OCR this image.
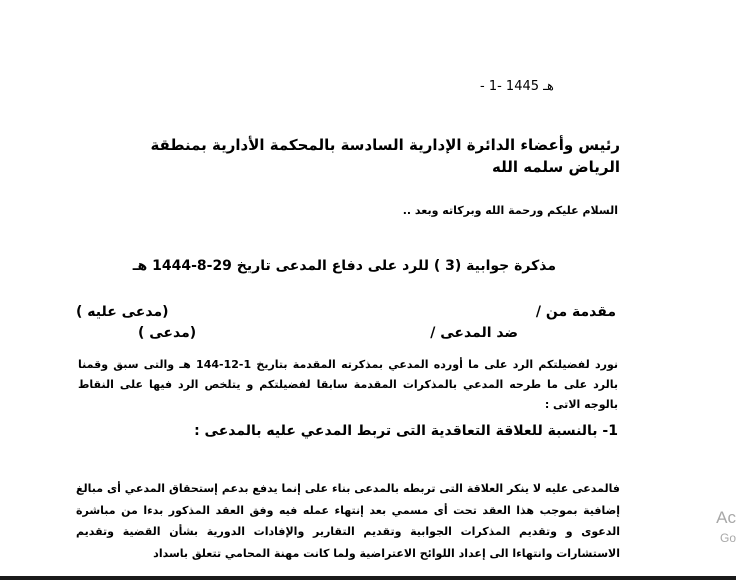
- 1- 1445 هـ
رئيس وأعضاء الدائرة الإدارية السادسة بالمحكمة الأدارية بمنطقة الرياض سلمه الله
السلام عليكم ورحمة الله وبركاته وبعد ..
مذكرة جوابية (3 ) للرد على دفاع المدعى تاريخ 29-8-1444 هـ
مقدمة من /
(مدعى عليه )
ضد المدعى /
(مدعى )
نورد لفضيلتكم الرد على ما أورده المدعي بمذكرته المقدمة بتاريخ 1-12-144 هـ والتى سبق وقمنا بالرد على ما طرحه المدعي بالمذكرات المقدمة سابقا لفضيلتكم و يتلخص الرد فيها على النقاط بالوجه الاتى :
1- بالنسبة للعلاقة التعاقدية التى تربط المدعي عليه بالمدعى :
فالمدعى عليه لا ينكر العلاقة التى تربطه بالمدعى بناء على إنما يدفع بدعم إستحقاق المدعي أى مبالغ إضافية بموجب هذا العقد تحت أى مسمي بعد إنتهاء عمله فيه وفق العقد المذكور بدءا من مباشرة الدعوى و وتقديم المذكرات الجوابية وتقديم التقارير والإفادات الدورية بشأن القضية وتقديم الاستشارات وانتهاءا الى إعداد اللوائح الاعتراضية ولما كانت مهنة المحامي تتعلق باسداد
Ac
Go
